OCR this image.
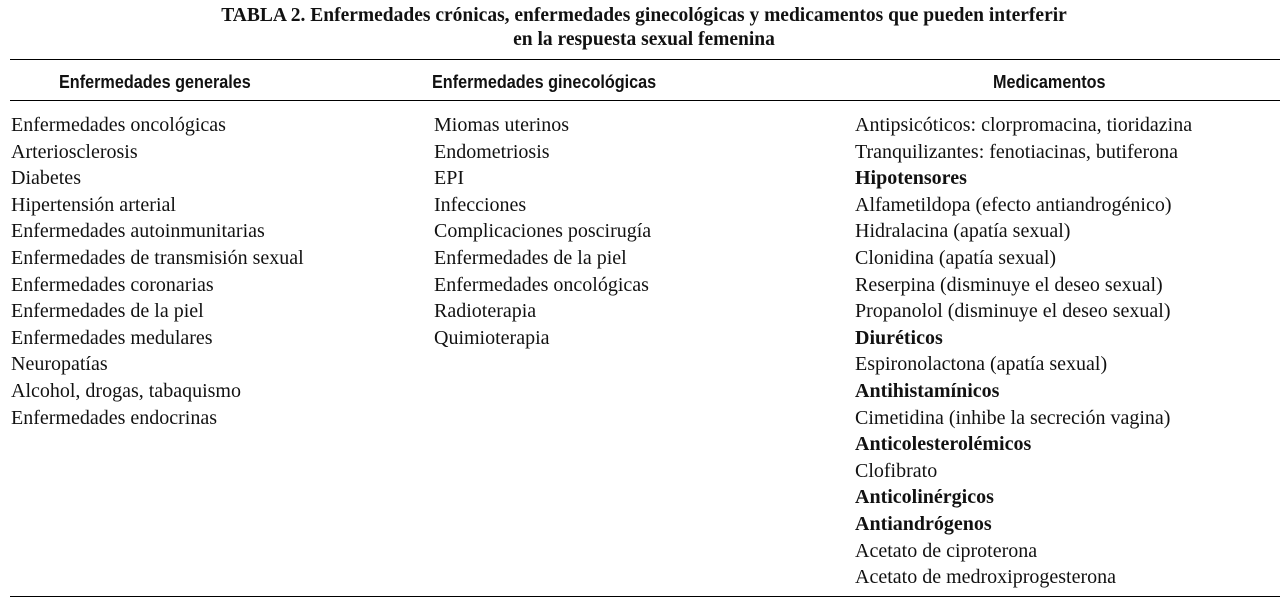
TABLA 2. Enfermedades crónicas, enfermedades ginecológicas y medicamentos que pueden interferir
en la respuesta sexual femenina
Enfermedades generales	Enfermedades ginecológicas	Medicamentos
Enfermedades oncológicas
Arteriosclerosis
Diabetes
Hipertensión arterial
Enfermedades autoinmunitarias
Enfermedades de transmisión sexual
Enfermedades coronarias
Enfermedades de la piel
Enfermedades medulares
Neuropatías
Alcohol, drogas, tabaquismo
Enfermedades endocrinas
Miomas uterinos
Endometriosis
EPI
Infecciones
Complicaciones poscirugía
Enfermedades de la piel
Enfermedades oncológicas
Radioterapia
Quimioterapia
Antipsicóticos: clorpromacina, tioridazina
Tranquilizantes: fenotiacinas, butiferona
Hipotensores
Alfametildopa (efecto antiandrogénico)
Hidralacina (apatía sexual)
Clonidina (apatía sexual)
Reserpina (disminuye el deseo sexual)
Propanolol (disminuye el deseo sexual)
Diuréticos
Espironolactona (apatía sexual)
Antihistamínicos
Cimetidina (inhibe la secreción vagina)
Anticolesterolémicos
Clofibrato
Anticolinérgicos
Antiandrógenos
Acetato de ciproterona
Acetato de medroxiprogesterona
